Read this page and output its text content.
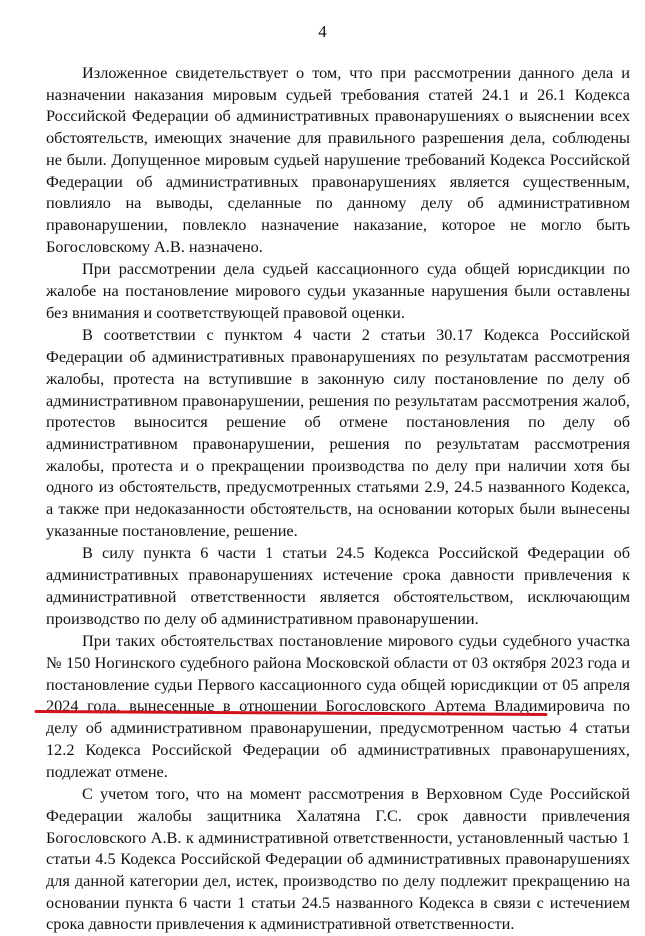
4

Изложенное свидетельствует о том, что при рассмотрении данного дела и назначении наказания мировым судьей требования статей 24.1 и 26.1 Кодекса Российской Федерации об административных правонарушениях о выяснении всех обстоятельств, имеющих значение для правильного разрешения дела, соблюдены не были. Допущенное мировым судьей нарушение требований Кодекса Российской Федерации об административных правонарушениях является существенным, повлияло на выводы, сделанные по данному делу об административном правонарушении, повлекло назначение наказание, которое не могло быть Богословскому А.В. назначено.

При рассмотрении дела судьей кассационного суда общей юрисдикции по жалобе на постановление мирового судьи указанные нарушения были оставлены без внимания и соответствующей правовой оценки.

В соответствии с пунктом 4 части 2 статьи 30.17 Кодекса Российской Федерации об административных правонарушениях по результатам рассмотрения жалобы, протеста на вступившие в законную силу постановление по делу об административном правонарушении, решения по результатам рассмотрения жалоб, протестов выносится решение об отмене постановления по делу об административном правонарушении, решения по результатам рассмотрения жалобы, протеста и о прекращении производства по делу при наличии хотя бы одного из обстоятельств, предусмотренных статьями 2.9, 24.5 названного Кодекса, а также при недоказанности обстоятельств, на основании которых были вынесены указанные постановление, решение.

В силу пункта 6 части 1 статьи 24.5 Кодекса Российской Федерации об административных правонарушениях истечение срока давности привлечения к административной ответственности является обстоятельством, исключающим производство по делу об административном правонарушении.

При таких обстоятельствах постановление мирового судьи судебного участка № 150 Ногинского судебного района Московской области от 03 октября 2023 года и постановление судьи Первого кассационного суда общей юрисдикции от 05 апреля 2024 года, вынесенные в отношении Богословского Артема Владимировича по делу об административном правонарушении, предусмотренном частью 4 статьи 12.2 Кодекса Российской Федерации об административных правонарушениях, подлежат отмене.

С учетом того, что на момент рассмотрения в Верховном Суде Российской Федерации жалобы защитника Халатяна Г.С. срок давности привлечения Богословского А.В. к административной ответственности, установленный частью 1 статьи 4.5 Кодекса Российской Федерации об административных правонарушениях для данной категории дел, истек, производство по делу подлежит прекращению на основании пункта 6 части 1 статьи 24.5 названного Кодекса в связи с истечением срока давности привлечения к административной ответственности.
